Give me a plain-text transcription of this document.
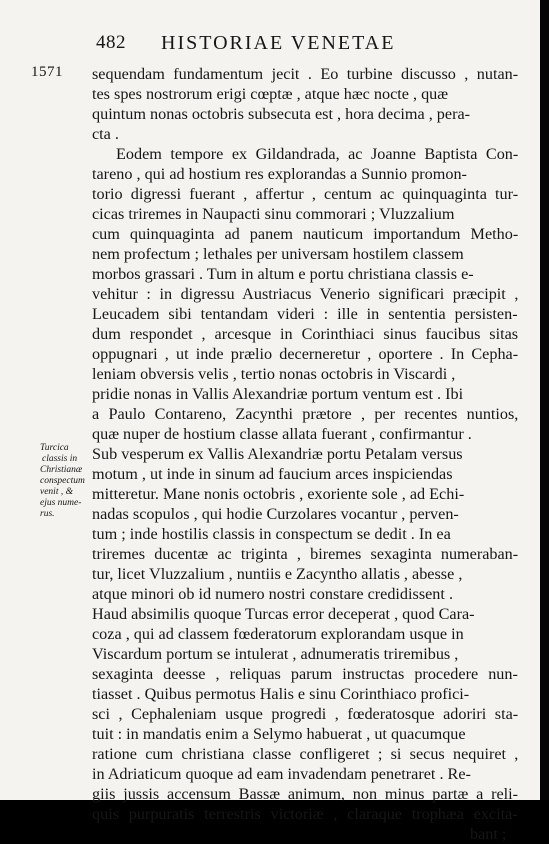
482 HISTORIAE VENETAE
1571
Turcica
classis in
Christianæ
conspectum
venit , &
ejus nume-
rus.
sequendam fundamentum jecit . Eo turbine discusso , nutan-
tes spes nostrorum erigi cœptæ , atque hæc nocte , quæ
quintum nonas octobris subsecuta est , hora decima , pera-
cta .
Eodem tempore ex Gildandrada, ac Joanne Baptista Con-
tareno , qui ad hostium res explorandas a Sunnio promon-
torio digressi fuerant , affertur , centum ac quinquaginta tur-
cicas triremes in Naupacti sinu commorari ; Vluzzalium
cum quinquaginta ad panem nauticum importandum Metho-
nem profectum ; lethales per universam hostilem classem
morbos grassari . Tum in altum e portu christiana classis e-
vehitur : in digressu Austriacus Venerio significari præcipit ,
Leucadem sibi tentandam videri : ille in sententia persisten-
dum respondet , arcesque in Corinthiaci sinus faucibus sitas
oppugnari , ut inde prælio decerneretur , oportere . In Cepha-
leniam obversis velis , tertio nonas octobris in Viscardi ,
pridie nonas in Vallis Alexandriæ portum ventum est . Ibi
a Paulo Contareno, Zacynthi prætore , per recentes nuntios,
quæ nuper de hostium classe allata fuerant , confirmantur .
Sub vesperum ex Vallis Alexandriæ portu Petalam versus
motum , ut inde in sinum ad faucium arces inspiciendas
mitteretur. Mane nonis octobris , exoriente sole , ad Echi-
nadas scopulos , qui hodie Curzolares vocantur , perven-
tum ; inde hostilis classis in conspectum se dedit . In ea
triremes ducentæ ac triginta , biremes sexaginta numeraban-
tur, licet Vluzzalium , nuntiis e Zacyntho allatis , abesse ,
atque minori ob id numero nostri constare credidissent .
Haud absimilis quoque Turcas error deceperat , quod Cara-
coza , qui ad classem fœderatorum explorandam usque in
Viscardum portum se intulerat , adnumeratis triremibus ,
sexaginta deesse , reliquas parum instructas procedere nun-
tiasset . Quibus permotus Halis e sinu Corinthiaco profici-
sci , Cephaleniam usque progredi , fœderatosque adoriri sta-
tuit : in mandatis enim a Selymo habuerat , ut quacumque
ratione cum christiana classe confligeret ; si secus nequiret ,
in Adriaticum quoque ad eam invadendam penetraret . Re-
giis jussis accensum Bassæ animum, non minus partæ a reli-
quis purpuratis terrestris victoriæ , claraque trophæa excita-
bant ;
